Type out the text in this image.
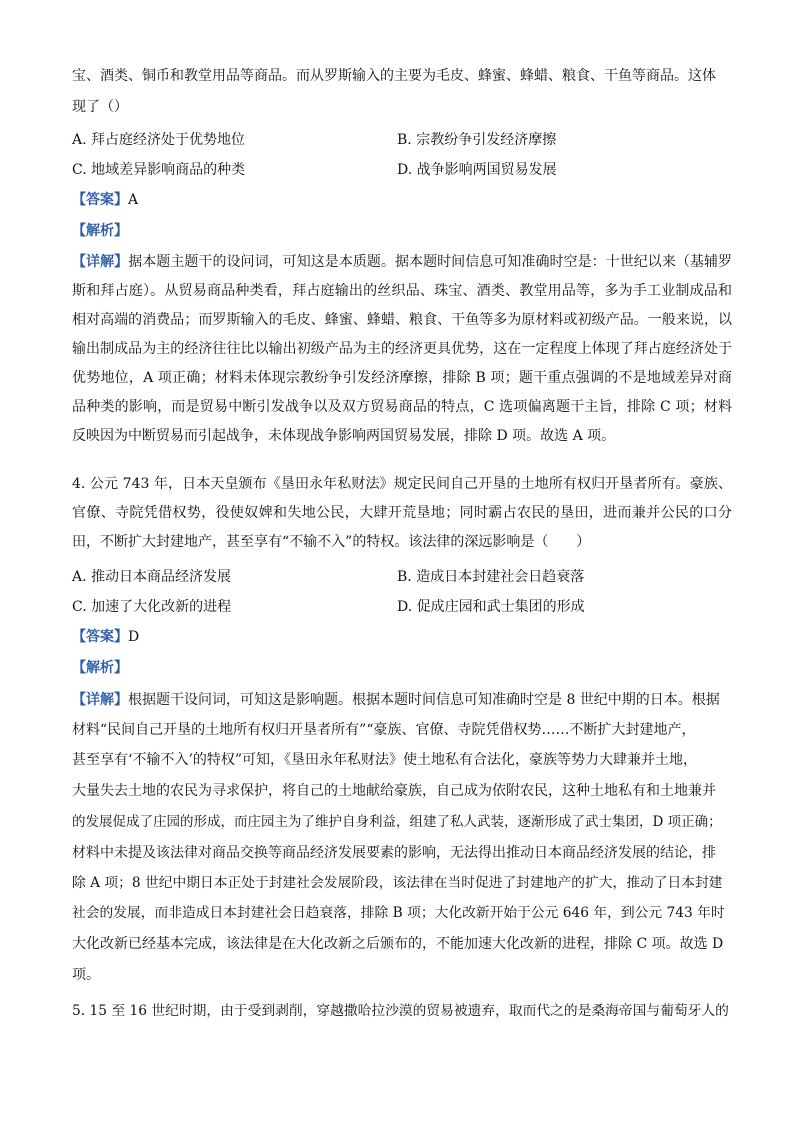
宝、酒类、铜币和教堂用品等商品。而从罗斯输入的主要为毛皮、蜂蜜、蜂蜡、粮食、干鱼等商品。这体

现了（）

A. 拜占庭经济处于优势地位	B. 宗教纷争引发经济摩擦
C. 地域差异影响商品的种类	D. 战争影响两国贸易发展

【答案】A

【解析】

【详解】据本题主题干的设问词，可知这是本质题。据本题时间信息可知准确时空是：十世纪以来（基辅罗斯和拜占庭）。从贸易商品种类看，拜占庭输出的丝织品、珠宝、酒类、教堂用品等，多为手工业制成品和相对高端的消费品；而罗斯输入的毛皮、蜂蜜、蜂蜡、粮食、干鱼等多为原材料或初级产品。一般来说，以输出制成品为主的经济往往比以输出初级产品为主的经济更具优势，这在一定程度上体现了拜占庭经济处于优势地位，A 项正确；材料未体现宗教纷争引发经济摩擦，排除 B 项；题干重点强调的不是地域差异对商品种类的影响，而是贸易中断引发战争以及双方贸易商品的特点，C 选项偏离题干主旨，排除 C 项；材料反映因为中断贸易而引起战争，未体现战争影响两国贸易发展，排除 D 项。故选 A 项。

4. 公元 743 年，日本天皇颁布《垦田永年私财法》规定民间自己开垦的土地所有权归开垦者所有。豪族、官僚、寺院凭借权势，役使奴婢和失地公民，大肆开荒垦地；同时霸占农民的垦田，进而兼并公民的口分田，不断扩大封建地产，甚至享有“不输不入”的特权。该法律的深远影响是（　　）

A. 推动日本商品经济发展	B. 造成日本封建社会日趋衰落
C. 加速了大化改新的进程	D. 促成庄园和武士集团的形成

【答案】D

【解析】

【详解】根据题干设问词，可知这是影响题。根据本题时间信息可知准确时空是 8 世纪中期的日本。根据

材料“民间自己开垦的土地所有权归开垦者所有”“豪族、官僚、寺院凭借权势……不断扩大封建地产，

甚至享有‘不输不入’的特权”可知，《垦田永年私财法》使土地私有合法化，豪族等势力大肆兼并土地，

大量失去土地的农民为寻求保护，将自己的土地献给豪族，自己成为依附农民，这种土地私有和土地兼并

的发展促成了庄园的形成，而庄园主为了维护自身利益，组建了私人武装，逐渐形成了武士集团，D 项正确；

材料中未提及该法律对商品交换等商品经济发展要素的影响，无法得出推动日本商品经济发展的结论，排

除 A 项；8 世纪中期日本正处于封建社会发展阶段，该法律在当时促进了封建地产的扩大，推动了日本封建

社会的发展，而非造成日本封建社会日趋衰落，排除 B 项；大化改新开始于公元 646 年，到公元 743 年时

大化改新已经基本完成，该法律是在大化改新之后颁布的，不能加速大化改新的进程，排除 C 项。故选 D

项。

5. 15 至 16 世纪时期，由于受到剥削，穿越撒哈拉沙漠的贸易被遗弃，取而代之的是桑海帝国与葡萄牙人的
